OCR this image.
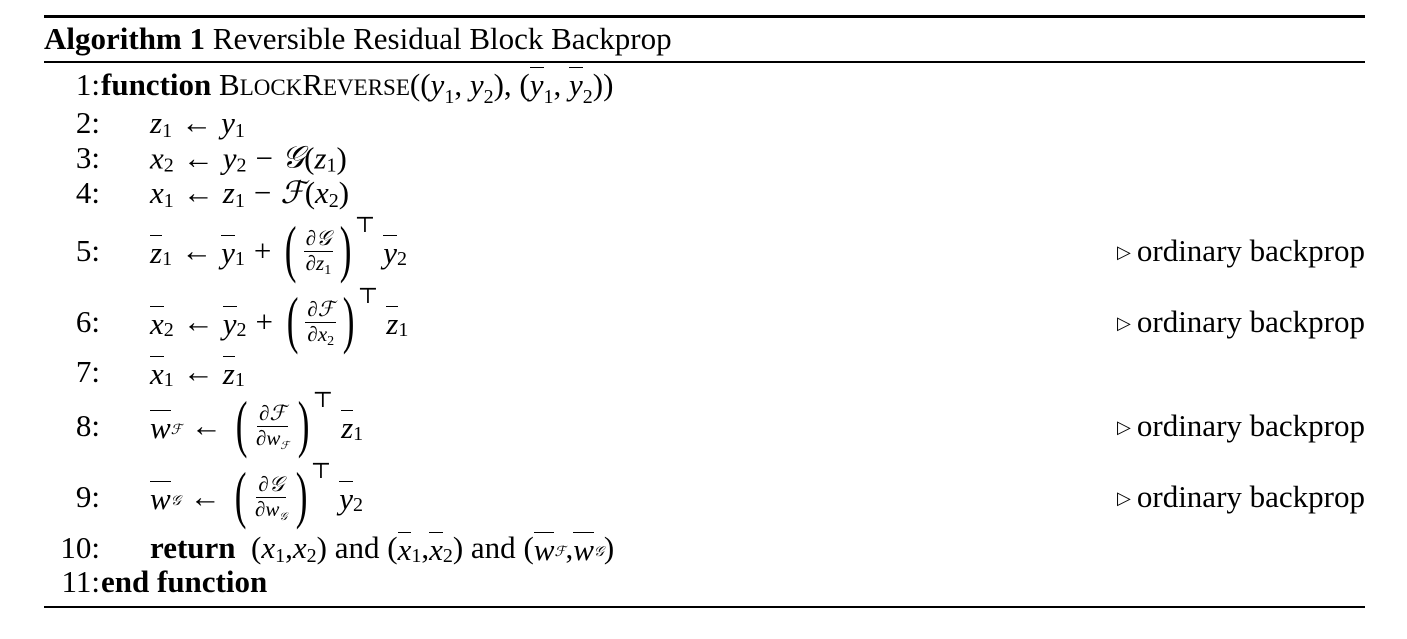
Algorithm 1 Reversible Residual Block Backprop
1: function
BLOCKREVERSE (($y_1$, $y_2$), ($y_1$, $y_2$))
2: z 1 ← y 1
3: x 2 ← y 2 − 𝒢 ( z 1 )
4: x 1 ← z 1 − ℱ ( x 2 )
5: z 1 ← y 1 + ( $\frac{\text{∂𝒢}}{\partial z1}$ ) ⊤
y 2	▷ ordinary backprop
6: x 2 ← y 2 + ( $\frac{\text{∂ℱ}}{\partial x2}$ ) ⊤
z 1	▷ ordinary backprop
7: x 1 ← z 1
8: w ℱ ← ( $\frac{\text{∂ℱ}}{\text{∂wℱ}}$ ) ⊤
z 1	▷ ordinary backprop
9: w 𝒢 ← ( $\frac{\text{∂𝒢}}{\text{∂w𝒢}}$ ) ⊤
y 2	▷ ordinary backprop
10: return ( x 1 , x 2 ) and ( x 1 , x 2 ) and ( w ℱ , w 𝒢 )
11: end function
